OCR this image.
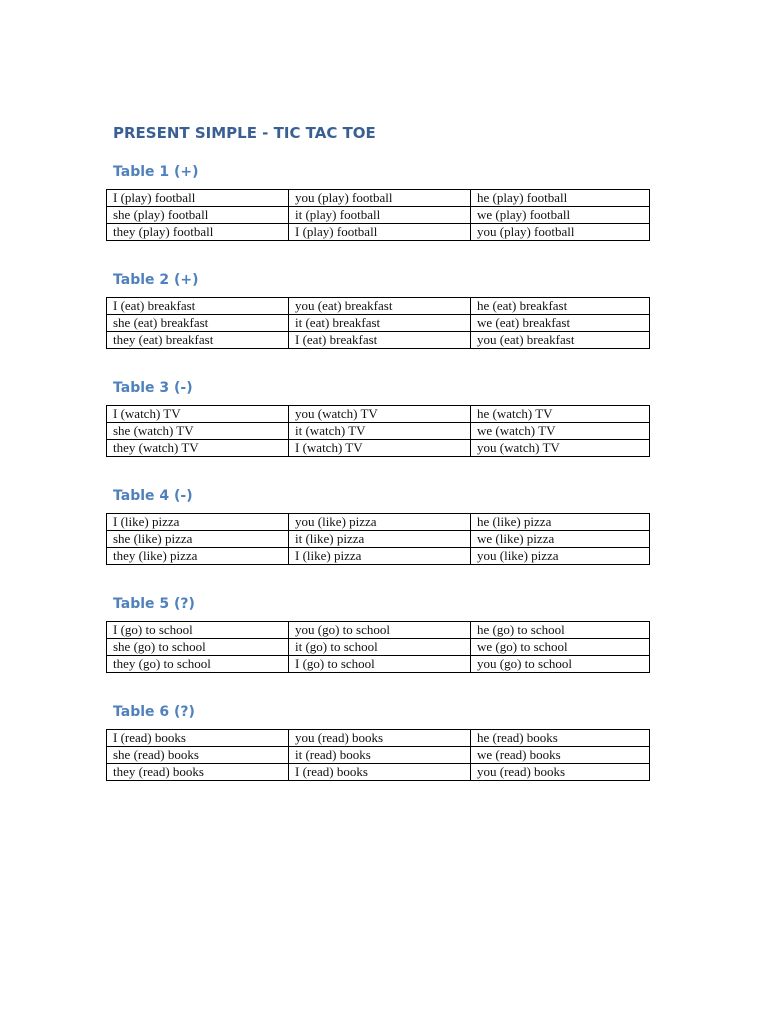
PRESENT SIMPLE - TIC TAC TOE
Table 1 (+)
I (play) football	you (play) football	he (play) football
she (play) football	it (play) football	we (play) football
they (play) football	I (play) football	you (play) football
Table 2 (+)
I (eat) breakfast	you (eat) breakfast	he (eat) breakfast
she (eat) breakfast	it (eat) breakfast	we (eat) breakfast
they (eat) breakfast	I (eat) breakfast	you (eat) breakfast
Table 3 (-)
I (watch) TV	you (watch) TV	he (watch) TV
she (watch) TV	it (watch) TV	we (watch) TV
they (watch) TV	I (watch) TV	you (watch) TV
Table 4 (-)
I (like) pizza	you (like) pizza	he (like) pizza
she (like) pizza	it (like) pizza	we (like) pizza
they (like) pizza	I (like) pizza	you (like) pizza
Table 5 (?)
I (go) to school	you (go) to school	he (go) to school
she (go) to school	it (go) to school	we (go) to school
they (go) to school	I (go) to school	you (go) to school
Table 6 (?)
I (read) books	you (read) books	he (read) books
she (read) books	it (read) books	we (read) books
they (read) books	I (read) books	you (read) books
